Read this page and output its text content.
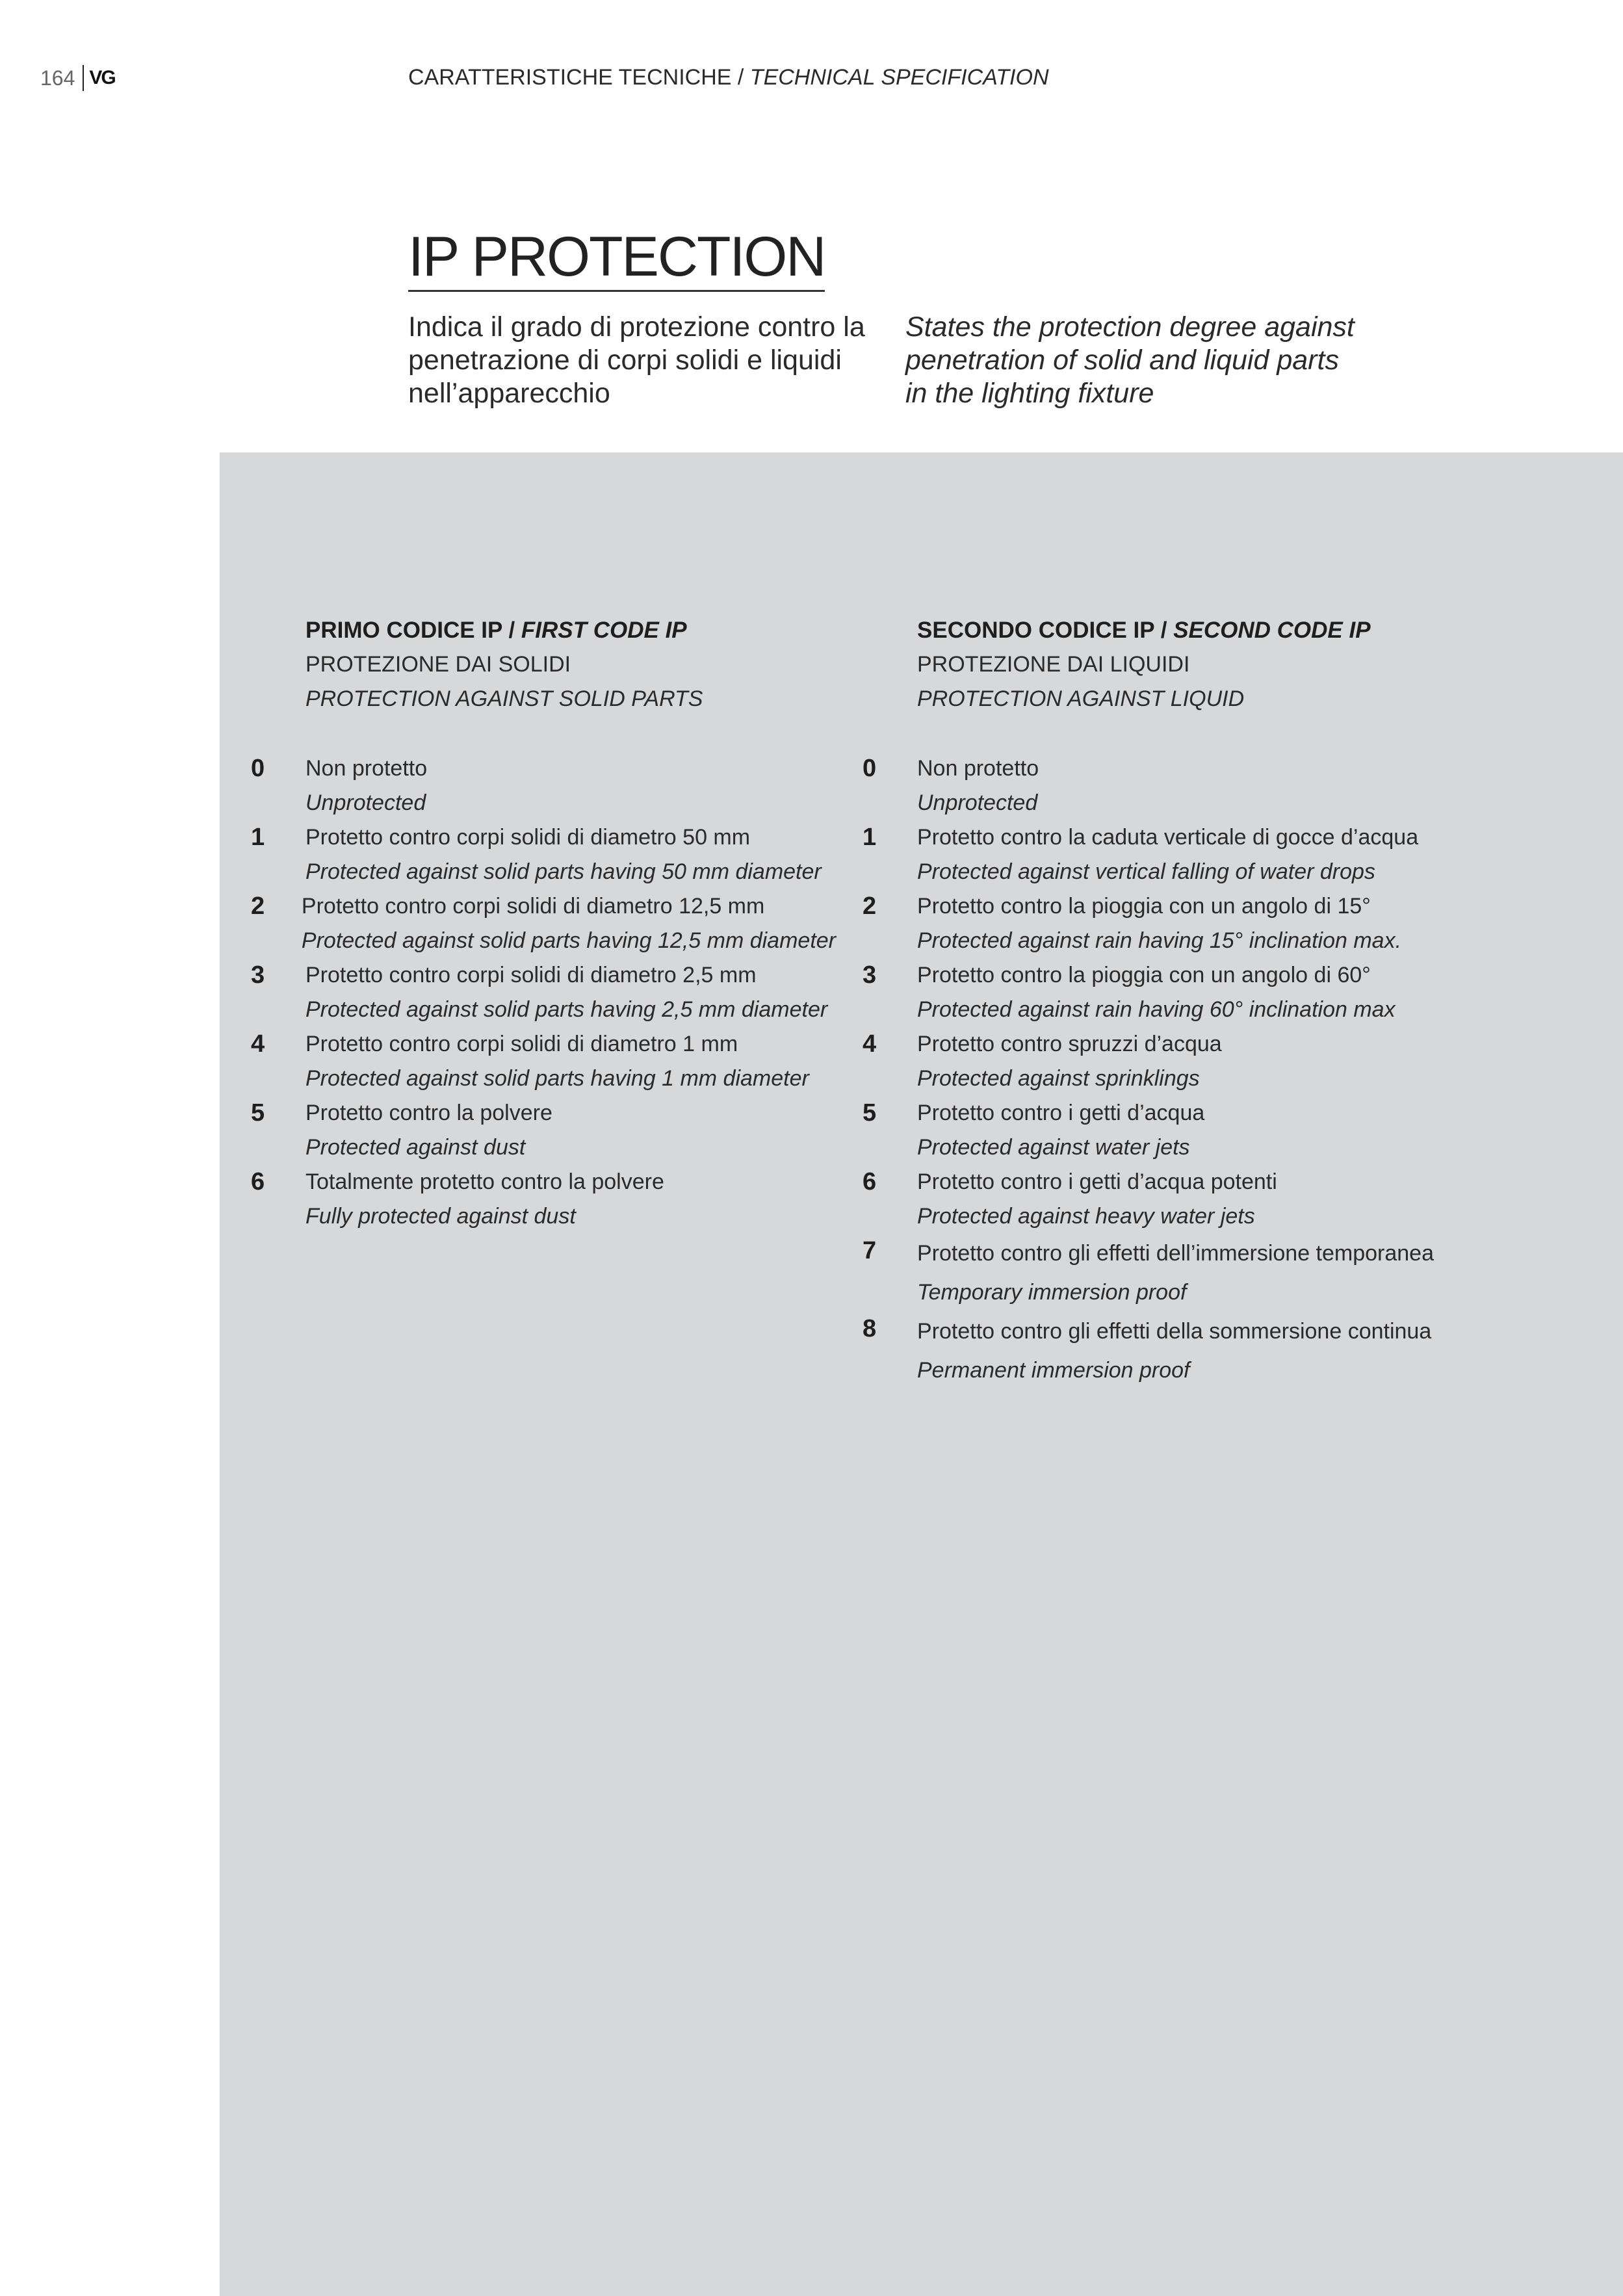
164 VG	CARATTERISTICHE TECNICHE / TECHNICAL SPECIFICATION
IP PROTECTION
Indica il grado di protezione contro la
penetrazione di corpi solidi e liquidi
nell’apparecchio
States the protection degree against
penetration of solid and liquid parts
in the lighting fixture
PRIMO CODICE IP / FIRST CODE IP
PROTEZIONE DAI SOLIDI
PROTECTION AGAINST SOLID PARTS
0	Non protetto
Unprotected
1	Protetto contro corpi solidi di diametro 50 mm
Protected against solid parts having 50 mm diameter
2	Protetto contro corpi solidi di diametro 12,5 mm
Protected against solid parts having 12,5 mm diameter
3	Protetto contro corpi solidi di diametro 2,5 mm
Protected against solid parts having 2,5 mm diameter
4	Protetto contro corpi solidi di diametro 1 mm
Protected against solid parts having 1 mm diameter
5	Protetto contro la polvere
Protected against dust
6	Totalmente protetto contro la polvere
Fully protected against dust
SECONDO CODICE IP / SECOND CODE IP
PROTEZIONE DAI LIQUIDI
PROTECTION AGAINST LIQUID
0	Non protetto
Unprotected
1	Protetto contro la caduta verticale di gocce d’acqua
Protected against vertical falling of water drops
2	Protetto contro la pioggia con un angolo di 15°
Protected against rain having 15° inclination max.
3	Protetto contro la pioggia con un angolo di 60°
Protected against rain having 60° inclination max
4	Protetto contro spruzzi d’acqua
Protected against sprinklings
5	Protetto contro i getti d’acqua
Protected against water jets
6	Protetto contro i getti d’acqua potenti
Protected against heavy water jets
7	Protetto contro gli effetti dell’immersione temporanea
Temporary immersion proof
8	Protetto contro gli effetti della sommersione continua
Permanent immersion proof
